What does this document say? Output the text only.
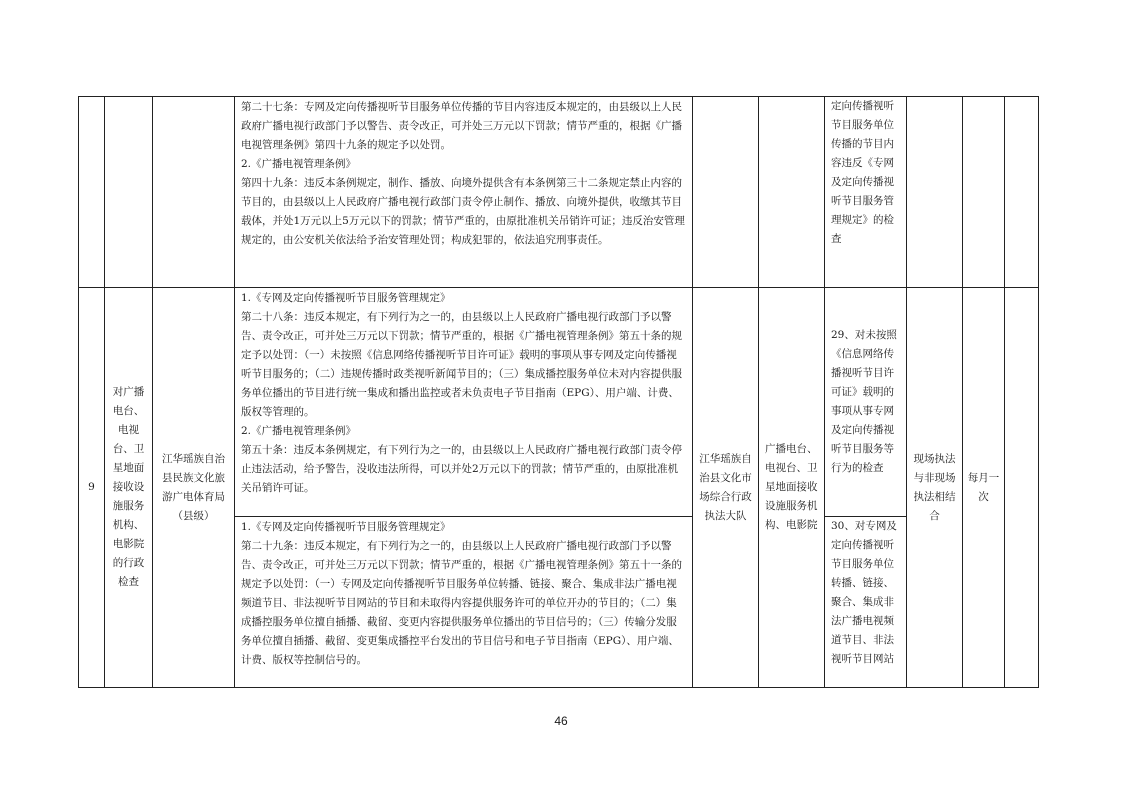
			第二十七条：专网及定向传播视听节目服务单位传播的节目内容违反本规定的，由县级以上人民政府广播电视行政部门予以警告、责令改正，可并处三万元以下罚款；情节严重的，根据《广播电视管理条例》第四十九条的规定予以处罚。

2.《广播电视管理条例》

第四十九条：违反本条例规定，制作、播放、向境外提供含有本条例第三十二条规定禁止内容的节目的，由县级以上人民政府广播电视行政部门责令停止制作、播放、向境外提供，收缴其节目载体，并处1万元以上5万元以下的罚款；情节严重的，由原批准机关吊销许可证；违反治安管理规定的，由公安机关依法给予治安管理处罚；构成犯罪的，依法追究刑事责任。			定向传播视听节目服务单位传播的节目内容违反《专网及定向传播视听节目服务管理规定》的检查			
9	对广播电台、电视台、卫星地面接收设施服务机构、电影院的行政检查	江华瑶族自治县民族文化旅游广电体育局（县级）	1.《专网及定向传播视听节目服务管理规定》

第二十八条：违反本规定，有下列行为之一的，由县级以上人民政府广播电视行政部门予以警告、责令改正，可并处三万元以下罚款；情节严重的，根据《广播电视管理条例》第五十条的规定予以处罚：（一）未按照《信息网络传播视听节目许可证》载明的事项从事专网及定向传播视听节目服务的；（二）违规传播时政类视听新闻节目的；（三）集成播控服务单位未对内容提供服务单位播出的节目进行统一集成和播出监控或者未负责电子节目指南（EPG）、用户端、计费、版权等管理的。

2.《广播电视管理条例》

第五十条：违反本条例规定，有下列行为之一的，由县级以上人民政府广播电视行政部门责令停止违法活动，给予警告，没收违法所得，可以并处2万元以下的罚款；情节严重的，由原批准机关吊销许可证。	江华瑶族自治县文化市场综合行政执法大队	广播电台、电视台、卫星地面接收设施服务机构、电影院	29、对未按照《信息网络传播视听节目许可证》载明的事项从事专网及定向传播视听节目服务等行为的检查	现场执法与非现场执法相结合	每月一次	

			1.《专网及定向传播视听节目服务管理规定》

第二十九条：违反本规定，有下列行为之一的，由县级以上人民政府广播电视行政部门予以警告、责令改正，可并处三万元以下罚款；情节严重的，根据《广播电视管理条例》第五十一条的规定予以处罚：（一）专网及定向传播视听节目服务单位转播、链接、聚合、集成非法广播电视频道节目、非法视听节目网站的节目和未取得内容提供服务许可的单位开办的节目的；（二）集成播控服务单位擅自插播、截留、变更内容提供服务单位播出的节目信号的；（三）传输分发服务单位擅自插播、截留、变更集成播控平台发出的节目信号和电子节目指南（EPG）、用户端、计费、版权等控制信号的。			30、对专网及定向传播视听节目服务单位转播、链接、聚合、集成非法广播电视频道节目、非法视听节目网站			
46
